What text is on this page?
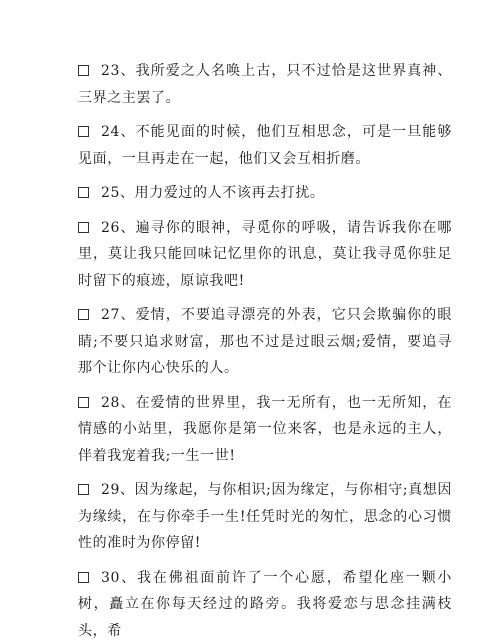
23、我所爱之人名唤上古，只不过恰是这世界真神、三界之主罢了。

24、不能见面的时候，他们互相思念，可是一旦能够见面，一旦再走在一起，他们又会互相折磨。

25、用力爱过的人不该再去打扰。

26、遍寻你的眼神，寻觅你的呼吸，请告诉我你在哪里，莫让我只能回味记忆里你的讯息，莫让我寻觅你驻足时留下的痕迹，原谅我吧!

27、爱情，不要追寻漂亮的外表，它只会欺骗你的眼睛;不要只追求财富，那也不过是过眼云烟;爱情，要追寻那个让你内心快乐的人。

28、在爱情的世界里，我一无所有，也一无所知，在情感的小站里，我愿你是第一位来客，也是永远的主人，伴着我宠着我;一生一世!

29、因为缘起，与你相识;因为缘定，与你相守;真想因为缘续，在与你牵手一生!任凭时光的匆忙，思念的心习惯性的准时为你停留!

30、我在佛祖面前许了一个心愿，希望化座一颗小树，矗立在你每天经过的路旁。我将爱恋与思念挂满枝头，希
